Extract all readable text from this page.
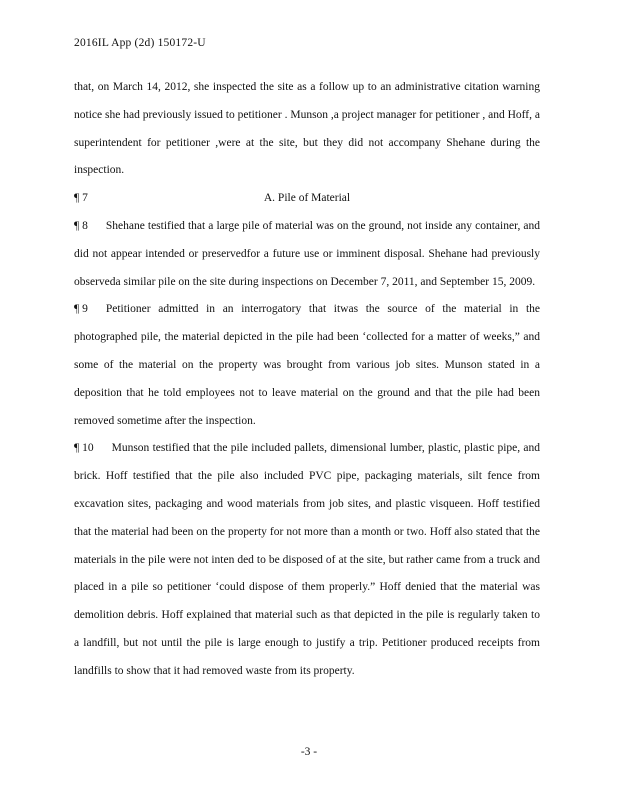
2016IL App (2d) 150172-U

that, on March 14, 2012, she inspected the site as a follow up to an administrative citation warning notice she had previously issued to petitioner . Munson ,a project manager for petitioner , and Hoff, a superintendent for petitioner ,were at the site, but they did not accompany Shehane during the inspection.

¶ 7	A. Pile of Material

¶ 8 Shehane testified that a large pile of material was on the ground, not inside any container, and did not appear intended or preservedfor a future use or imminent disposal. Shehane had previously observeda similar pile on the site during inspections on December 7, 2011, and September 15, 2009.

¶ 9 Petitioner admitted in an interrogatory that itwas the source of the material in the photographed pile, the material depicted in the pile had been ‘collected for a matter of weeks,” and some of the material on the property was brought from various job sites. Munson stated in a deposition that he told employees not to leave material on the ground and that the pile had been removed sometime after the inspection.

¶ 10 Munson testified that the pile included pallets, dimensional lumber, plastic, plastic pipe, and brick. Hoff testified that the pile also included PVC pipe, packaging materials, silt fence from excavation sites, packaging and wood materials from job sites, and plastic visqueen. Hoff testified that the material had been on the property for not more than a month or two. Hoff also stated that the materials in the pile were not inten ded to be disposed of at the site, but rather came from a truck and placed in a pile so petitioner ‘could dispose of them properly.” Hoff denied that the material was demolition debris. Hoff explained that material such as that depicted in the pile is regularly taken to a landfill, but not until the pile is large enough to justify a trip. Petitioner produced receipts from landfills to show that it had removed waste from its property.

-3 -
